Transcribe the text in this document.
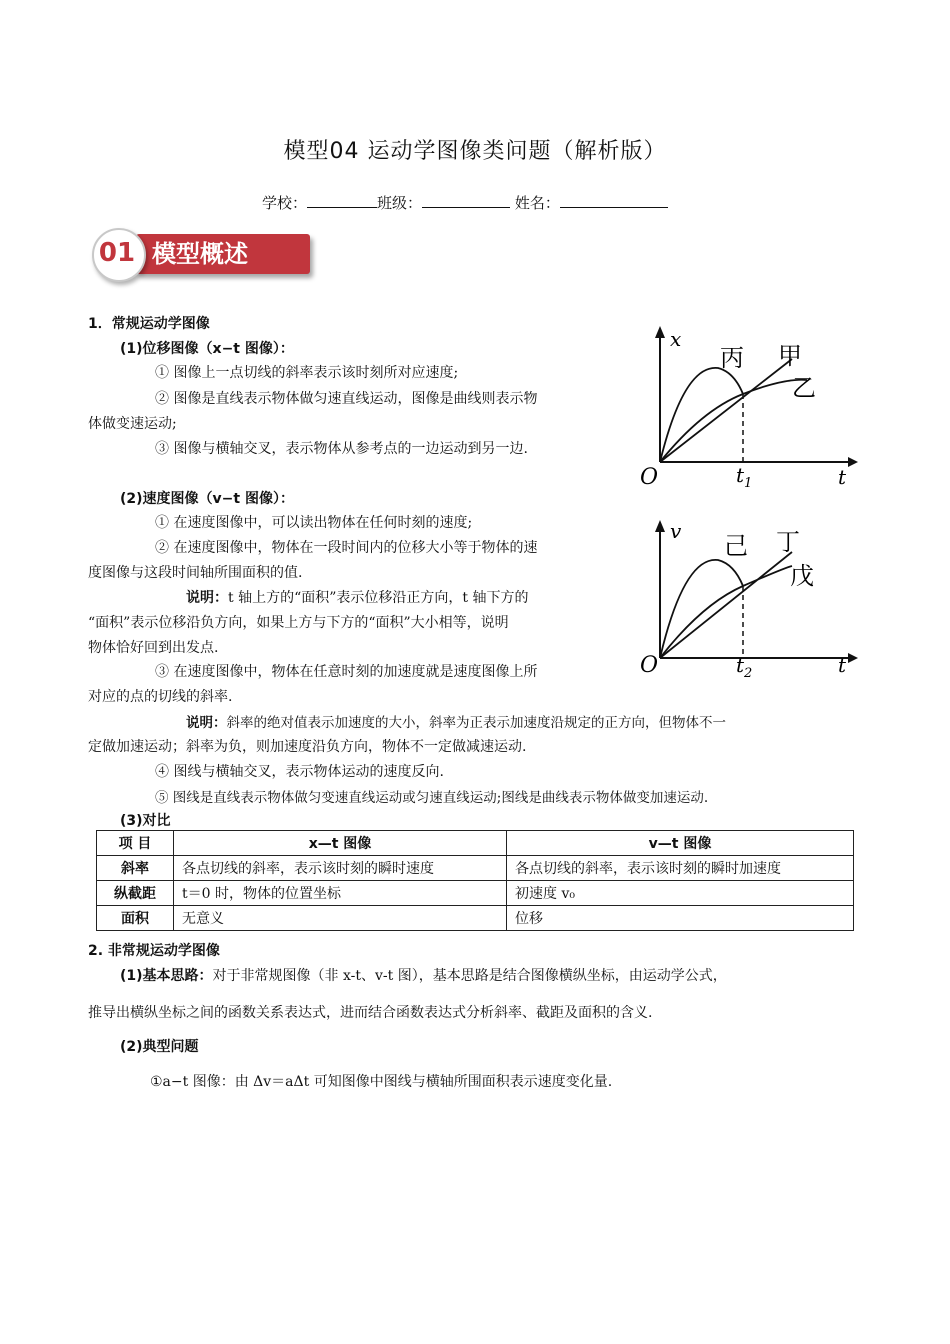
模型04 运动学图像类问题（解析版）
学校：	班级：	姓名：
01 模型概述
1．常规运动学图像
(1)位移图像（x−t 图像）：
① 图像上一点切线的斜率表示该时刻所对应速度;
② 图像是直线表示物体做匀速直线运动，图像是曲线则表示物
体做变速运动;
③ 图像与横轴交叉，表示物体从参考点的一边运动到另一边.
(2)速度图像（v−t 图像）：
① 在速度图像中，可以读出物体在任何时刻的速度;
② 在速度图像中，物体在一段时间内的位移大小等于物体的速
度图像与这段时间轴所围面积的值.
说明：t 轴上方的“面积”表示位移沿正方向，t 轴下方的
“面积”表示位移沿负方向，如果上方与下方的“面积”大小相等，说明
物体恰好回到出发点.
③ 在速度图像中，物体在任意时刻的加速度就是速度图像上所
对应的点的切线的斜率.
说明：斜率的绝对值表示加速度的大小，斜率为正表示加速度沿规定的正方向，但物体不一
定做加速运动；斜率为负，则加速度沿负方向，物体不一定做减速运动.
④ 图线与横轴交叉，表示物体运动的速度反向.
⑤ 图线是直线表示物体做匀变速直线运动或匀速直线运动;图线是曲线表示物体做变加速运动.
(3)对比
项 目	x—t 图像	v—t 图像
斜率	各点切线的斜率，表示该时刻的瞬时速度	各点切线的斜率，表示该时刻的瞬时加速度
纵截距	t＝0 时，物体的位置坐标	初速度 v₀
面积	无意义	位移
2. 非常规运动学图像
(1)基本思路：对于非常规图像（非 x-t、v-t 图），基本思路是结合图像横纵坐标，由运动学公式，
推导出横纵坐标之间的函数关系表达式，进而结合函数表达式分析斜率、截距及面积的含义.
(2)典型问题
①a−t 图像：由 Δv＝aΔt 可知图像中图线与横轴所围面积表示速度变化量.
x
t
O	$t_1$
丙 甲
乙
v
t
O	$t_2$
己 丁
戊
